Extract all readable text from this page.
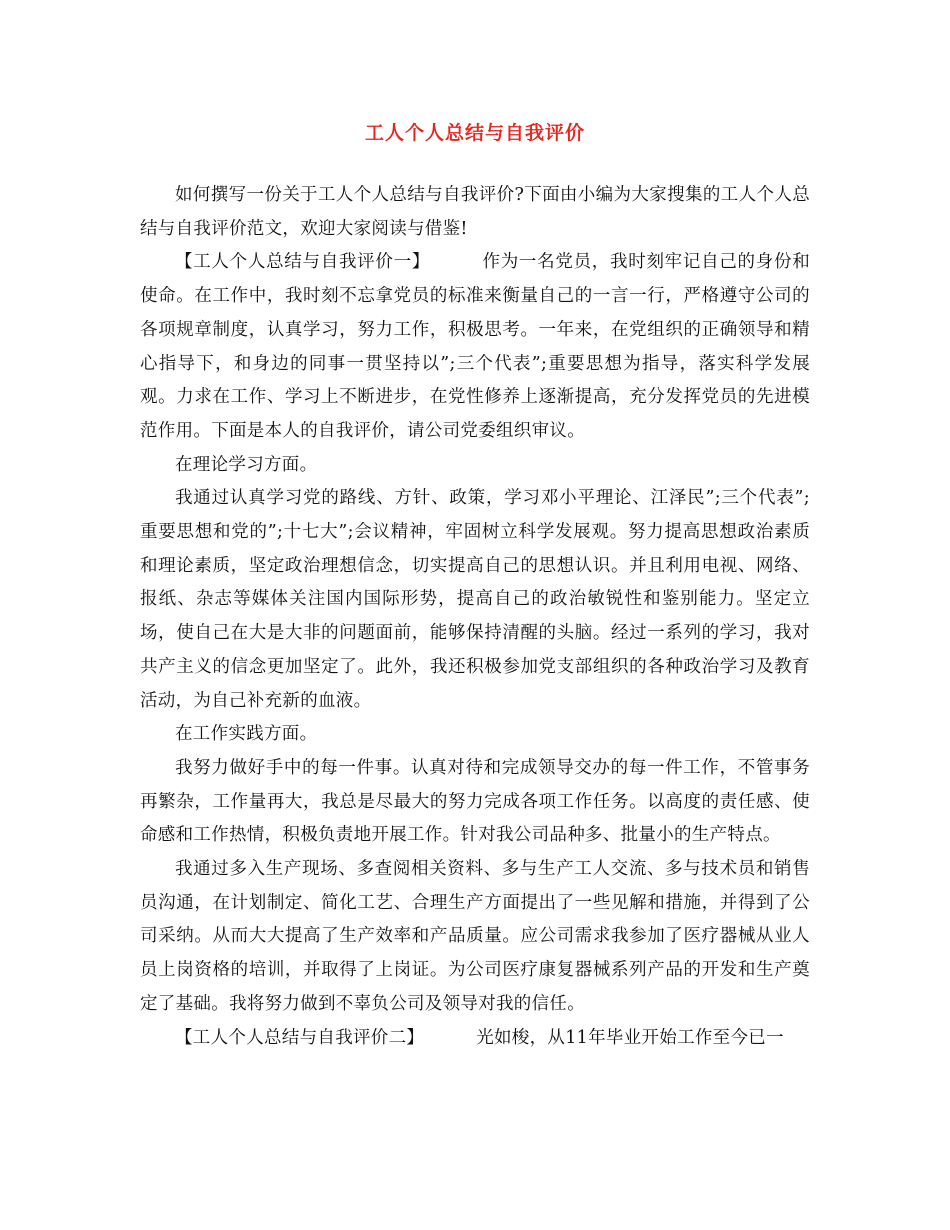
工人个人总结与自我评价

如何撰写一份关于工人个人总结与自我评价?下面由小编为大家搜集的工人个人总结与自我评价范文，欢迎大家阅读与借鉴!

【工人个人总结与自我评价一】	作为一名党员，我时刻牢记自己的身份和使命。在工作中，我时刻不忘拿党员的标准来衡量自己的一言一行，严格遵守公司的各项规章制度，认真学习，努力工作，积极思考。一年来，在党组织的正确领导和精心指导下，和身边的同事一贯坚持以”;三个代表”;重要思想为指导，落实科学发展观。力求在工作、学习上不断进步，在党性修养上逐渐提高，充分发挥党员的先进模范作用。下面是本人的自我评价，请公司党委组织审议。

在理论学习方面。

我通过认真学习党的路线、方针、政策，学习邓小平理论、江泽民”;三个代表”;重要思想和党的”;十七大”;会议精神，牢固树立科学发展观。努力提高思想政治素质和理论素质，坚定政治理想信念，切实提高自己的思想认识。并且利用电视、网络、报纸、杂志等媒体关注国内国际形势，提高自己的政治敏锐性和鉴别能力。坚定立场，使自己在大是大非的问题面前，能够保持清醒的头脑。经过一系列的学习，我对共产主义的信念更加坚定了。此外，我还积极参加党支部组织的各种政治学习及教育活动，为自己补充新的血液。

在工作实践方面。

我努力做好手中的每一件事。认真对待和完成领导交办的每一件工作，不管事务再繁杂，工作量再大，我总是尽最大的努力完成各项工作任务。以高度的责任感、使命感和工作热情，积极负责地开展工作。针对我公司品种多、批量小的生产特点。

我通过多入生产现场、多查阅相关资料、多与生产工人交流、多与技术员和销售员沟通，在计划制定、简化工艺、合理生产方面提出了一些见解和措施，并得到了公司采纳。从而大大提高了生产效率和产品质量。应公司需求我参加了医疗器械从业人员上岗资格的培训，并取得了上岗证。为公司医疗康复器械系列产品的开发和生产奠定了基础。我将努力做到不辜负公司及领导对我的信任。

【工人个人总结与自我评价二】	光如梭，从11年毕业开始工作至今已一
